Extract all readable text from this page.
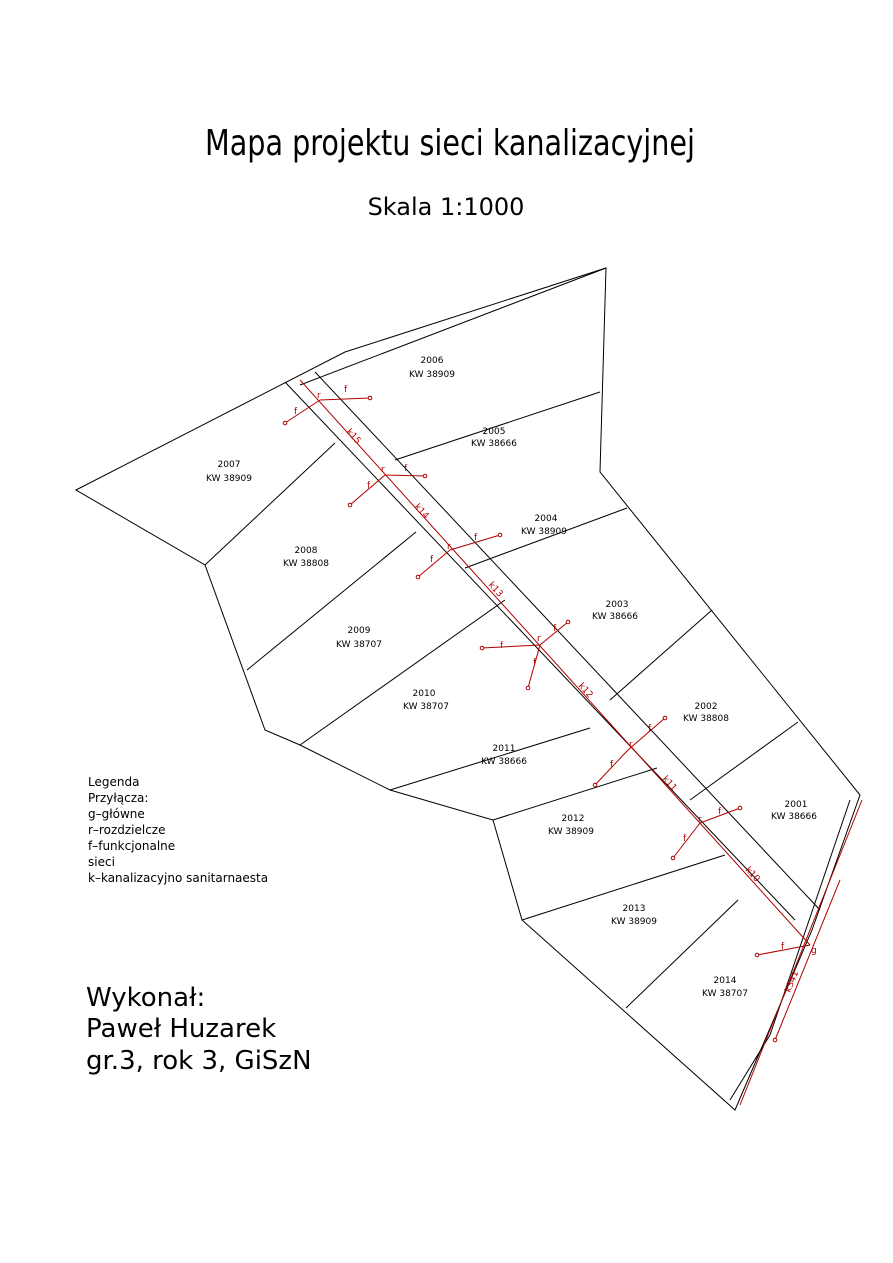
Mapa projektu sieci kanalizacyjnej
Skala 1:1000
k15
k14
k13
k12
k11
k10
k341
r
f
f
r f
f
r
f
f
r
f
f
f
r
f
f
r
f
f
f	g
2001
KW 38666
2002
KW 38808
2003
KW 38666
2004
KW 38909
2005
KW 38666
2006
KW 38909
2007
KW 38909
2008
KW 38808
2009
KW 38707
2010
KW 38707
2011
KW 38666
2012
KW 38909
2013
KW 38909
2014
KW 38707
Legenda
Przyłącza:
g–główne
r–rozdzielcze
f–funkcjonalne
sieci
k–kanalizacyjno sanitarnaesta
Wykonał:
Paweł Huzarek
gr.3, rok 3, GiSzN
